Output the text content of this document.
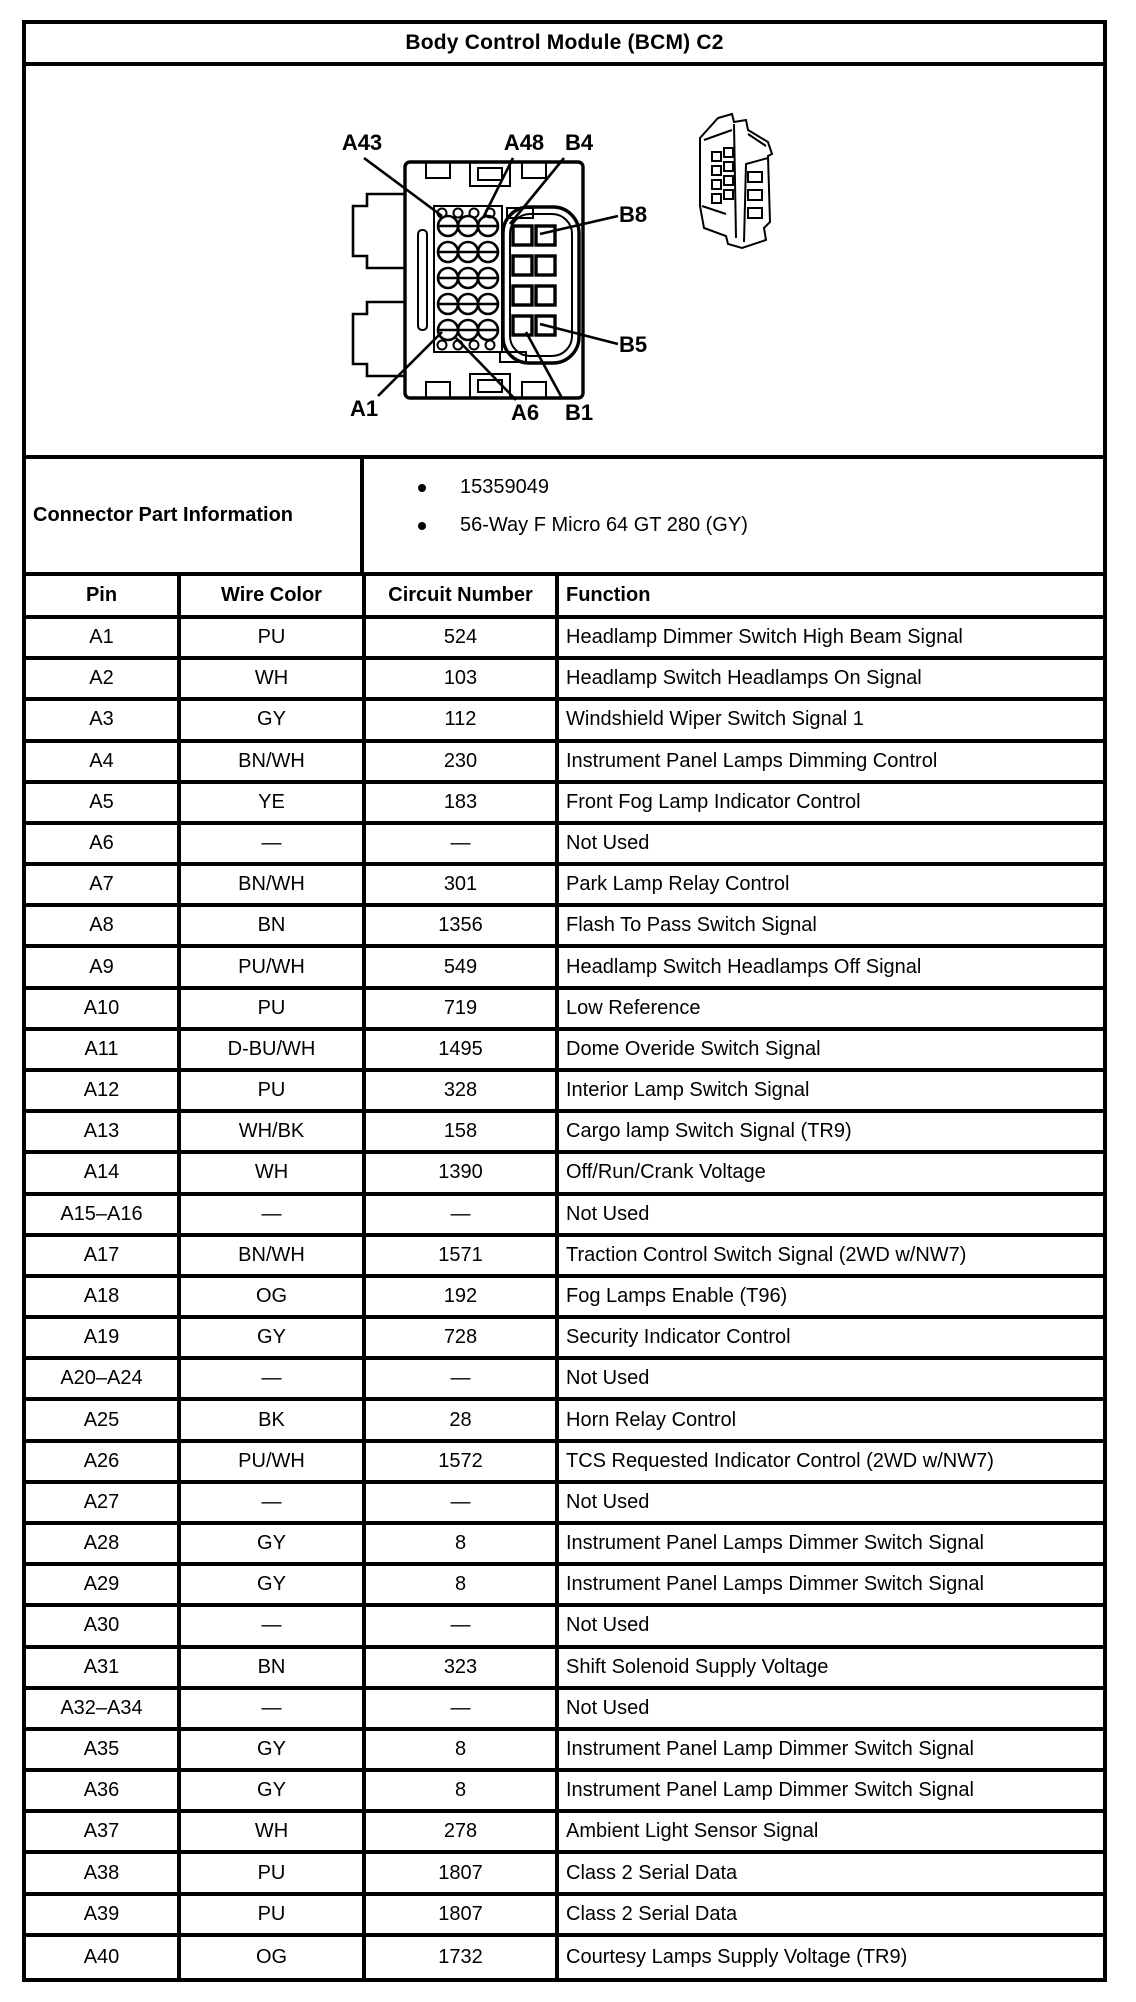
Body Control Module (BCM) C2
A43	A48 B4
B8
B5
A1	A6 B1
Connector Part Information
15359049
56-Way F Micro 64 GT 280 (GY)
Pin	Wire Color	Circuit Number	Function
A1	PU	524	Headlamp Dimmer Switch High Beam Signal
A2	WH	103	Headlamp Switch Headlamps On Signal
A3	GY	112	Windshield Wiper Switch Signal 1
A4	BN/WH	230	Instrument Panel Lamps Dimming Control
A5	YE	183	Front Fog Lamp Indicator Control
A6	—	—	Not Used
A7	BN/WH	301	Park Lamp Relay Control
A8	BN	1356	Flash To Pass Switch Signal
A9	PU/WH	549	Headlamp Switch Headlamps Off Signal
A10	PU	719	Low Reference
A11	D-BU/WH	1495	Dome Overide Switch Signal
A12	PU	328	Interior Lamp Switch Signal
A13	WH/BK	158	Cargo lamp Switch Signal (TR9)
A14	WH	1390	Off/Run/Crank Voltage
A15–A16	—	—	Not Used
A17	BN/WH	1571	Traction Control Switch Signal (2WD w/NW7)
A18	OG	192	Fog Lamps Enable (T96)
A19	GY	728	Security Indicator Control
A20–A24	—	—	Not Used
A25	BK	28	Horn Relay Control
A26	PU/WH	1572	TCS Requested Indicator Control (2WD w/NW7)
A27	—	—	Not Used
A28	GY	8	Instrument Panel Lamps Dimmer Switch Signal
A29	GY	8	Instrument Panel Lamps Dimmer Switch Signal
A30	—	—	Not Used
A31	BN	323	Shift Solenoid Supply Voltage
A32–A34	—	—	Not Used
A35	GY	8	Instrument Panel Lamp Dimmer Switch Signal
A36	GY	8	Instrument Panel Lamp Dimmer Switch Signal
A37	WH	278	Ambient Light Sensor Signal
A38	PU	1807	Class 2 Serial Data
A39	PU	1807	Class 2 Serial Data
A40	OG	1732	Courtesy Lamps Supply Voltage (TR9)
